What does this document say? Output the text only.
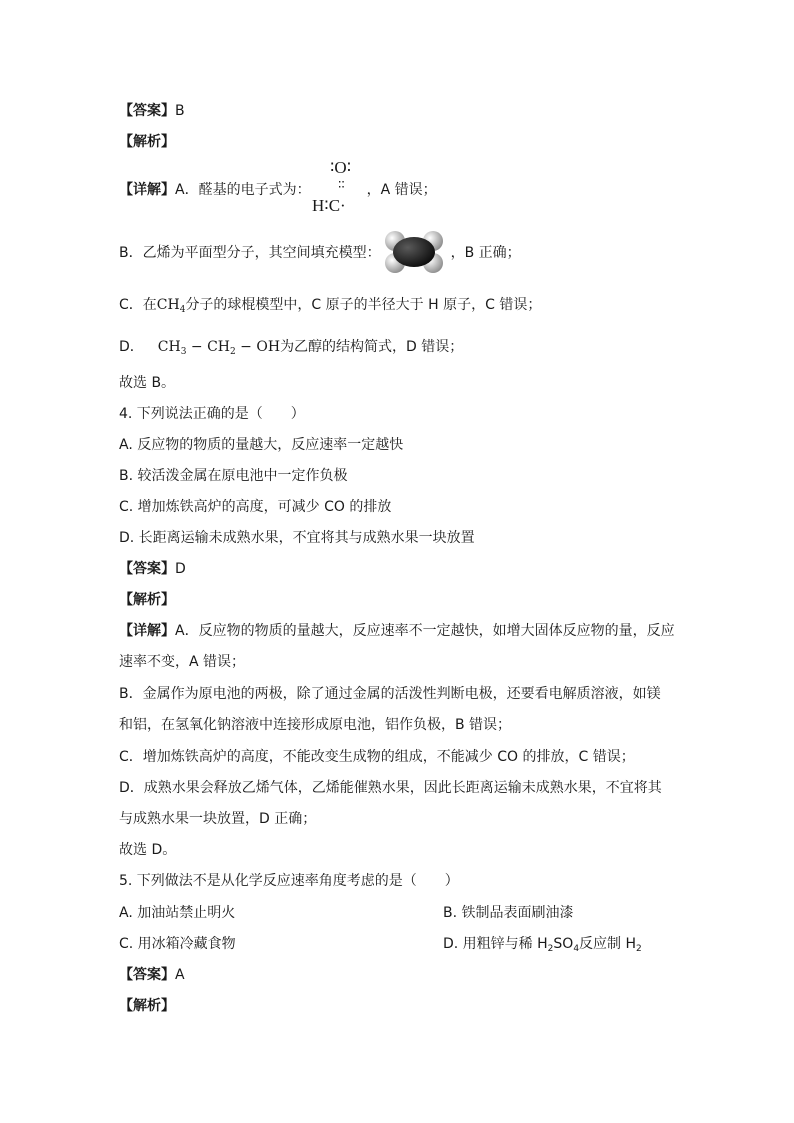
【答案】B
【解析】
【详解】A．醛基的电子式为：	，A 错误；
∶O∶
∶∶
H∶C·
B．乙烯为平面型分子，其空间填充模型：	，B 正确；
C．在$CH_4$分子的球棍模型中，C 原子的半径大于 H 原子，C 错误；
D． $CH_3 - CH_2$ − OH为乙醇的结构简式，D 错误；
故选 B。
4. 下列说法正确的是（　　）
A. 反应物的物质的量越大，反应速率一定越快
B. 较活泼金属在原电池中一定作负极
C. 增加炼铁高炉的高度，可减少 CO 的排放
D. 长距离运输未成熟水果，不宜将其与成熟水果一块放置
【答案】D
【解析】
【详解】A．反应物的物质的量越大，反应速率不一定越快，如增大固体反应物的量，反应
速率不变，A 错误；
B．金属作为原电池的两极，除了通过金属的活泼性判断电极，还要看电解质溶液，如镁
和铝，在氢氧化钠溶液中连接形成原电池，铝作负极，B 错误；
C．增加炼铁高炉的高度，不能改变生成物的组成，不能减少 CO 的排放，C 错误；
D．成熟水果会释放乙烯气体，乙烯能催熟水果，因此长距离运输未成熟水果，不宜将其
与成熟水果一块放置，D 正确；
故选 D。
5. 下列做法不是从化学反应速率角度考虑的是（　　）
A. 加油站禁止明火	B. 铁制品表面刷油漆
C. 用冰箱冷藏食物	D. 用粗锌与稀 $H_2SO_4$反应制 $H_2$
【答案】A
【解析】
